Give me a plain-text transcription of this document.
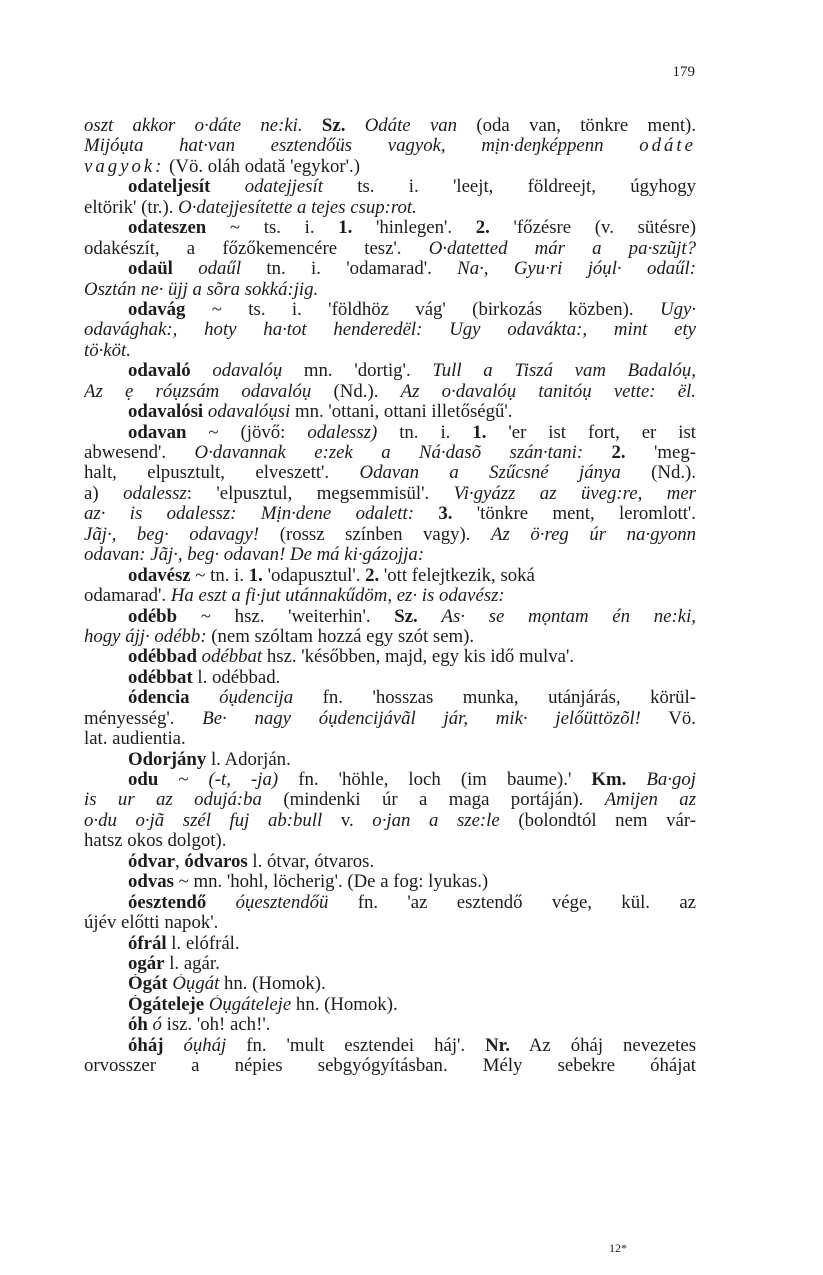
179
oszt akkor o·dáte ne:ki. Sz. Odáte van (oda van, tönkre ment).
Mijóụta hat·van esztendőüs vagyok, mịn·deŋképpenn odáte
vagyok: (Vö. oláh odată 'egykor'.)
odateljesít odatejjesít ts. i. 'leejt, földreejt, úgyhogy
eltörik' (tr.). O·datejjesítette a tejes csup:rot.
odateszen ~ ts. i. 1. 'hinlegen'. 2. 'főzésre (v. sütésre)
odakészít, a főzőkemencére tesz'. O·datetted már a pa·szũjt?
odaül odaűl tn. i. 'odamarad'. Na·, Gyu·ri jóụl· odaűl:
Osztán ne· üjj a sõra sokká:jig.
odavág ~ ts. i. 'földhöz vág' (birkozás közben). Ugy·
odavághak:, hoty ha·tot henderedël: Ugy odavákta:, mint ety
tö·köt.
odavaló odavalóụ mn. 'dortig'. Tull a Tiszá vam Badalóụ,
Az ẹ róụzsám odavalóụ (Nd.). Az o·davalóụ tanitóụ vette: ël.
odavalósi odavalóụsi mn. 'ottani, ottani illetőségű'.
odavan ~ (jövő: odalessz) tn. i. 1. 'er ist fort, er ist
abwesend'. O·davannak e:zek a Ná·dasõ szán·tani: 2. 'meg-
halt, elpusztult, elveszett'. Odavan a Szűcsné jánya (Nd.).
a) odalessz: 'elpusztul, megsemmisül'. Vi·gyázz az üveg:re, mer
az· is odalessz: Mịn·dene odalett: 3. 'tönkre ment, leromlott'.
Jãj·, beg· odavagy! (rossz színben vagy). Az ö·reg úr na·gyonn
odavan: Jãj·, beg· odavan! De má ki·gázojja:
odavész ~ tn. i. 1. 'odapusztul'. 2. 'ott felejtkezik, soká
odamarad'. Ha eszt a fi·jut utánnakűdöm, ez· is odavész:
odébb ~ hsz. 'weiterhin'. Sz. As· se mọntam én ne:ki,
hogy ájj· odébb: (nem szóltam hozzá egy szót sem).
odébbad odébbat hsz. 'későbben, majd, egy kis idő mulva'.
odébbat l. odébbad.
ódencia óụdencija fn. 'hosszas munka, utánjárás, körül-
ményesség'. Be· nagy óụdencijávãl jár, mik· jelőüttözõl! Vö.
lat. audientia.
Odorjány l. Adorján.
odu ~ (-t, -ja) fn. 'höhle, loch (im baume).' Km. Ba·goj
is ur az odujá:ba (mindenki úr a maga portáján). Amijen az
o·du o·jã szél fuj ab:bull v. o·jan a sze:le (bolondtól nem vár-
hatsz okos dolgot).
ódvar, ódvaros l. ótvar, ótvaros.
odvas ~ mn. 'hohl, löcherig'. (De a fog: lyukas.)
óesztendő óụesztendőü fn. 'az esztendő vége, kül. az
újév előtti napok'.
ófrál l. elófrál.
ogár l. agár.
Ógát Óụgát hn. (Homok).
Ógáteleje Óụgáteleje hn. (Homok).
óh ó isz. 'oh! ach!'.
óháj óụháj fn. 'mult esztendei háj'. Nr. Az óháj nevezetes
orvosszer a népies sebgyógyításban. Mély sebekre óhájat
12*
